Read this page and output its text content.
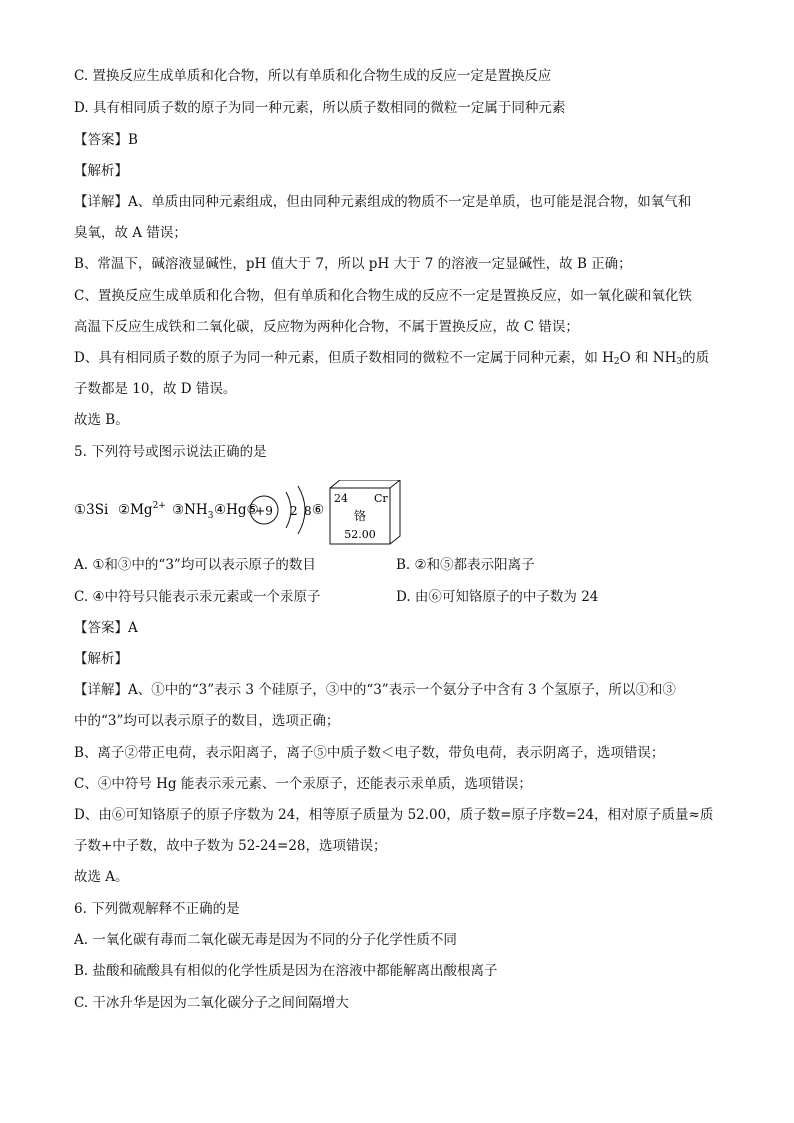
C. 置换反应生成单质和化合物，所以有单质和化合物生成的反应一定是置换反应
D. 具有相同质子数的原子为同一种元素，所以质子数相同的微粒一定属于同种元素
【答案】B
【解析】
【详解】A、单质由同种元素组成，但由同种元素组成的物质不一定是单质，也可能是混合物，如氧气和
臭氧，故 A 错误；
B、常温下，碱溶液显碱性，pH 值大于 7，所以 pH 大于 7 的溶液一定显碱性，故 B 正确；
C、置换反应生成单质和化合物，但有单质和化合物生成的反应不一定是置换反应，如一氧化碳和氧化铁
高温下反应生成铁和二氧化碳，反应物为两种化合物，不属于置换反应，故 C 错误；
D、具有相同质子数的原子为同一种元素，但质子数相同的微粒不一定属于同种元素，如 $H_2O$ 和 $NH_3$的质
子数都是 10，故 D 错误。
故选 B。
5. 下列符号或图示说法正确的是
①3Si $②Mg^{2+}$ $③NH_3$ ④Hg⑤
+9 2 8 ⑥
24 Cr
铬
52.00
A. ①和③中的“3”均可以表示原子的数目	B. ②和⑤都表示阳离子
C. ④中符号只能表示汞元素或一个汞原子	D. 由⑥可知铬原子的中子数为 24
【答案】A
【解析】
【详解】A、①中的“3”表示 3 个硅原子，③中的“3”表示一个氨分子中含有 3 个氢原子，所以①和③
中的“3”均可以表示原子的数目，选项正确；
B、离子②带正电荷，表示阳离子，离子⑤中质子数＜电子数，带负电荷，表示阴离子，选项错误；
C、④中符号 Hg 能表示汞元素、一个汞原子，还能表示汞单质，选项错误；
D、由⑥可知铬原子的原子序数为 24，相等原子质量为 52.00，质子数=原子序数=24，相对原子质量≈质
子数+中子数，故中子数为 52-24=28，选项错误；
故选 A。
6. 下列微观解释不正确的是
A. 一氧化碳有毒而二氧化碳无毒是因为不同的分子化学性质不同
B. 盐酸和硫酸具有相似的化学性质是因为在溶液中都能解离出酸根离子
C. 干冰升华是因为二氧化碳分子之间间隔增大
